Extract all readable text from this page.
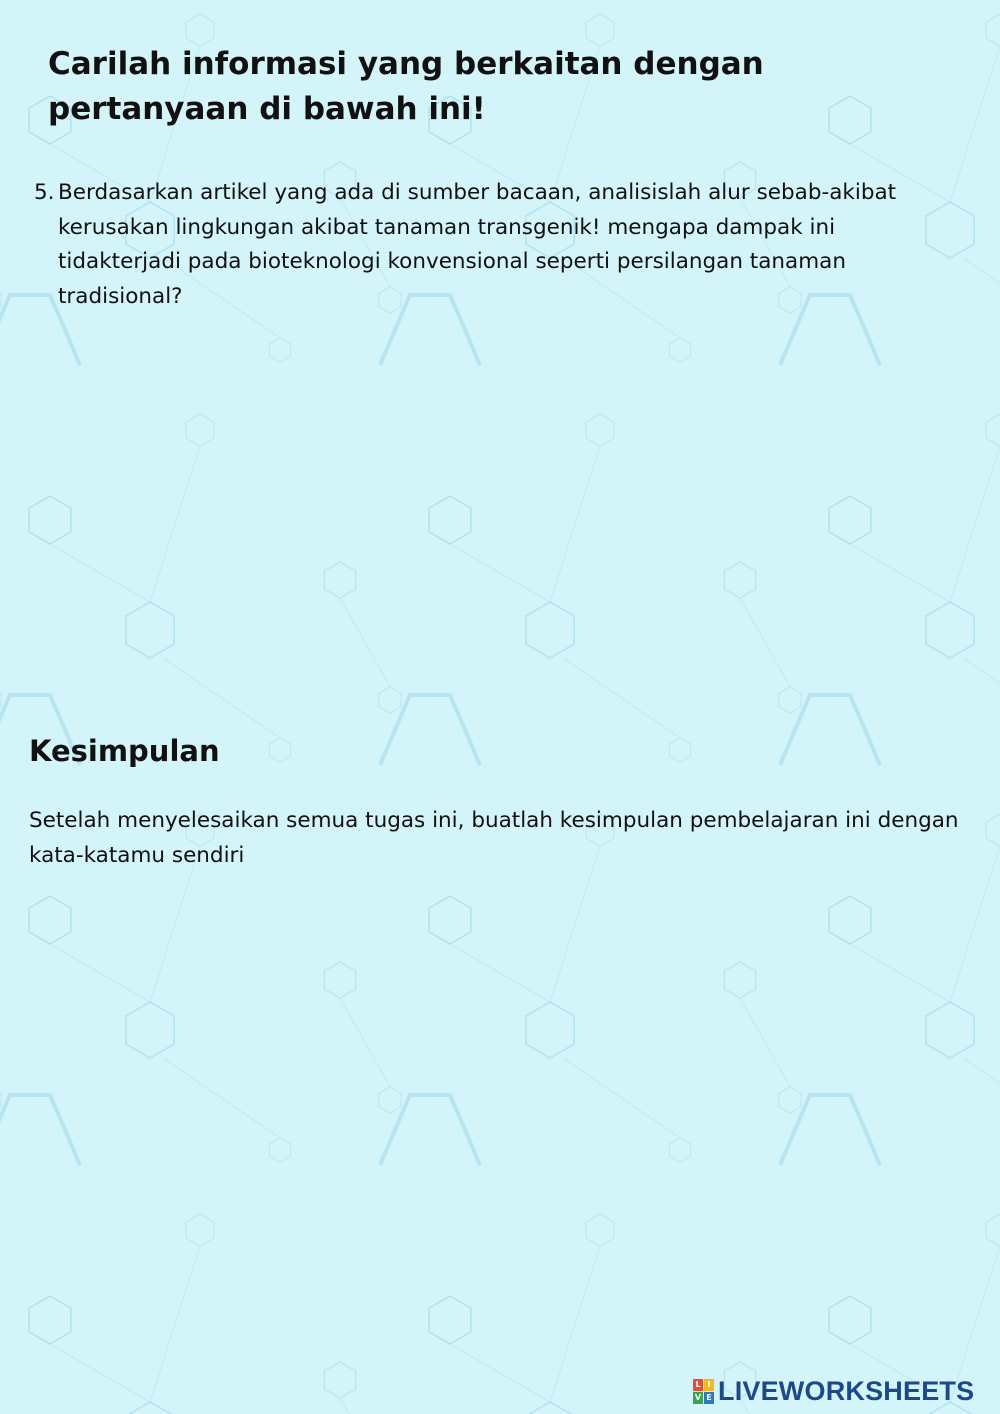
Carilah informasi yang berkaitan dengan pertanyaan di bawah ini!
5. Berdasarkan artikel yang ada di sumber bacaan, analisislah alur sebab-akibat kerusakan lingkungan akibat tanaman transgenik! mengapa dampak ini tidakterjadi pada bioteknologi konvensional seperti persilangan tanaman tradisional?
Kesimpulan

Setelah menyelesaikan semua tugas ini, buatlah kesimpulan pembelajaran ini dengan kata-katamu sendiri

L I
V E LIVEWORKSHEETS
